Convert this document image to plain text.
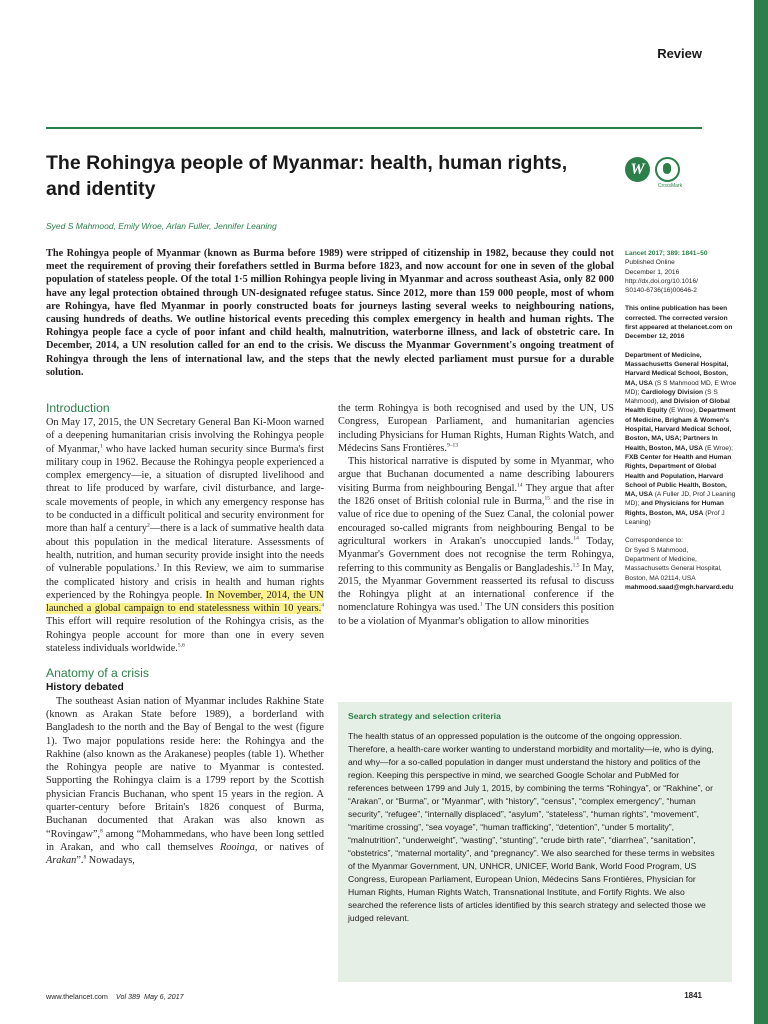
Review
The Rohingya people of Myanmar: health, human rights, and identity
W
CrossMark
Syed S Mahmood, Emily Wroe, Arlan Fuller, Jennifer Leaning
The Rohingya people of Myanmar (known as Burma before 1989) were stripped of citizenship in 1982, because they could not meet the requirement of proving their forefathers settled in Burma before 1823, and now account for one in seven of the global population of stateless people. Of the total 1·5 million Rohingya people living in Myanmar and across southeast Asia, only 82 000 have any legal protection obtained through UN-designated refugee status. Since 2012, more than 159 000 people, most of whom are Rohingya, have fled Myanmar in poorly constructed boats for journeys lasting several weeks to neighbouring nations, causing hundreds of deaths. We outline historical events preceding this complex emergency in health and human rights. The Rohingya people face a cycle of poor infant and child health, malnutrition, waterborne illness, and lack of obstetric care. In December, 2014, a UN resolution called for an end to the crisis. We discuss the Myanmar Government's ongoing treatment of Rohingya through the lens of international law, and the steps that the newly elected parliament must pursue for a durable solution.

Lancet 2017; 389: 1841–50
Published Online
December 1, 2016
http://dx.doi.org/10.1016/
S0140-6736(16)00646-2

This online publication has been corrected. The corrected version first appeared at thelancet.com on December 12, 2016

Department of Medicine, Massachusetts General Hospital, Harvard Medical School, Boston, MA, USA (S S Mahmood MD, E Wroe MD); Cardiology Division (S S Mahmood), and Division of Global Health Equity (E Wroe), Department of Medicine, Brigham & Women's Hospital, Harvard Medical School, Boston, MA, USA; Partners In Health, Boston, MA, USA (E Wroe); FXB Center for Health and Human Rights, Department of Global Health and Population, Harvard School of Public Health, Boston, MA, USA (A Fuller JD, Prof J Leaning MD); and Physicians for Human Rights, Boston, MA, USA (Prof J Leaning)

Correspondence to:
Dr Syed S Mahmood,
Department of Medicine,
Massachusetts General Hospital,
Boston, MA 02114, USA
mahmood.saad@mgh.harvard.edu

Introduction

On May 17, 2015, the UN Secretary General Ban Ki-Moon warned of a deepening humanitarian crisis involving the Rohingya people of Myanmar,$^1$ who have lacked human security since Burma's first military coup in 1962. Because the Rohingya people experienced a complex emergency—ie, a situation of disrupted livelihood and threat to life produced by warfare, civil disturbance, and large-scale movements of people, in which any emergency response has to be conducted in a difficult political and security environment for more than half a century$^2$—there is a lack of summative health data about this population in the medical literature. Assessments of health, nutrition, and human security provide insight into the needs of vulnerable populations.$^3$ In this Review, we aim to summarise the complicated history and crisis in health and human rights experienced by the Rohingya people. In November, 2014, the UN launched a global campaign to end statelessness within 10 years.$^4$ This effort will require resolution of the Rohingya crisis, as the Rohingya people account for more than one in every seven stateless individuals worldwide.$^{5,6}$

Anatomy of a crisis
History debated

The southeast Asian nation of Myanmar includes Rakhine State (known as Arakan State before 1989), a borderland with Bangladesh to the north and the Bay of Bengal to the west (figure 1). Two major populations reside here: the Rohingya and the Rakhine (also known as the Arakanese) peoples (table 1). Whether the Rohingya people are native to Myanmar is contested. Supporting the Rohingya claim is a 1799 report by the Scottish physician Francis Buchanan, who spent 15 years in the region. A quarter-century before Britain's 1826 conquest of Burma, Buchanan documented that Arakan was also known as “Rovingaw”,$^8$ among “Mohammedans, who have been long settled in Arakan, and who call themselves Rooinga, or natives of Arakan”.$^8$ Nowadays,

the term Rohingya is both recognised and used by the UN, US Congress, European Parliament, and humanitarian agencies including Physicians for Human Rights, Human Rights Watch, and Médecins Sans Frontières.$^{9-13}$

This historical narrative is disputed by some in Myanmar, who argue that Buchanan documented a name describing labourers visiting Burma from neighbouring Bengal.$^{14}$ They argue that after the 1826 onset of British colonial rule in Burma,$^{15}$ and the rise in value of rice due to opening of the Suez Canal, the colonial power encouraged so-called migrants from neighbouring Bengal to be agricultural workers in Arakan's unoccupied lands.$^{14}$ Today, Myanmar's Government does not recognise the term Rohingya, referring to this community as Bengalis or Bangladeshis.$^{1,5}$ In May, 2015, the Myanmar Government reasserted its refusal to discuss the Rohingya plight at an international conference if the nomenclature Rohingya was used.$^1$ The UN considers this position to be a violation of Myanmar's obligation to allow minorities

Search strategy and selection criteria
The health status of an oppressed population is the outcome of the ongoing oppression. Therefore, a health-care worker wanting to understand morbidity and mortality—ie, who is dying, and why—for a so-called population in danger must understand the history and politics of the region. Keeping this perspective in mind, we searched Google Scholar and PubMed for references between 1799 and July 1, 2015, by combining the terms “Rohingya”, or “Rakhine”, or “Arakan”, or “Burma”, or “Myanmar”, with “history”, “census”, “complex emergency”, “human security”, “refugee”, “internally displaced”, “asylum”, “stateless”, “human rights”, “movement”, “maritime crossing”, “sea voyage”, “human trafficking”, “detention”, “under 5 mortality”, “malnutrition”, “underweight”, “wasting”, “stunting”, “crude birth rate”, “diarrhea”, “sanitation”, “obstetrics”, “maternal mortality”, and “pregnancy”. We also searched for these terms in websites of the Myanmar Government, UN, UNHCR, UNICEF, World Bank, World Food Program, US Congress, European Parliament, European Union, Médecins Sans Frontières, Physician for Human Rights, Human Rights Watch, Transnational Institute, and Fortify Rights. We also searched the reference lists of articles identified by this search strategy and selected those we judged relevant.
www.thelancet.com Vol 389 May 6, 2017	1841
